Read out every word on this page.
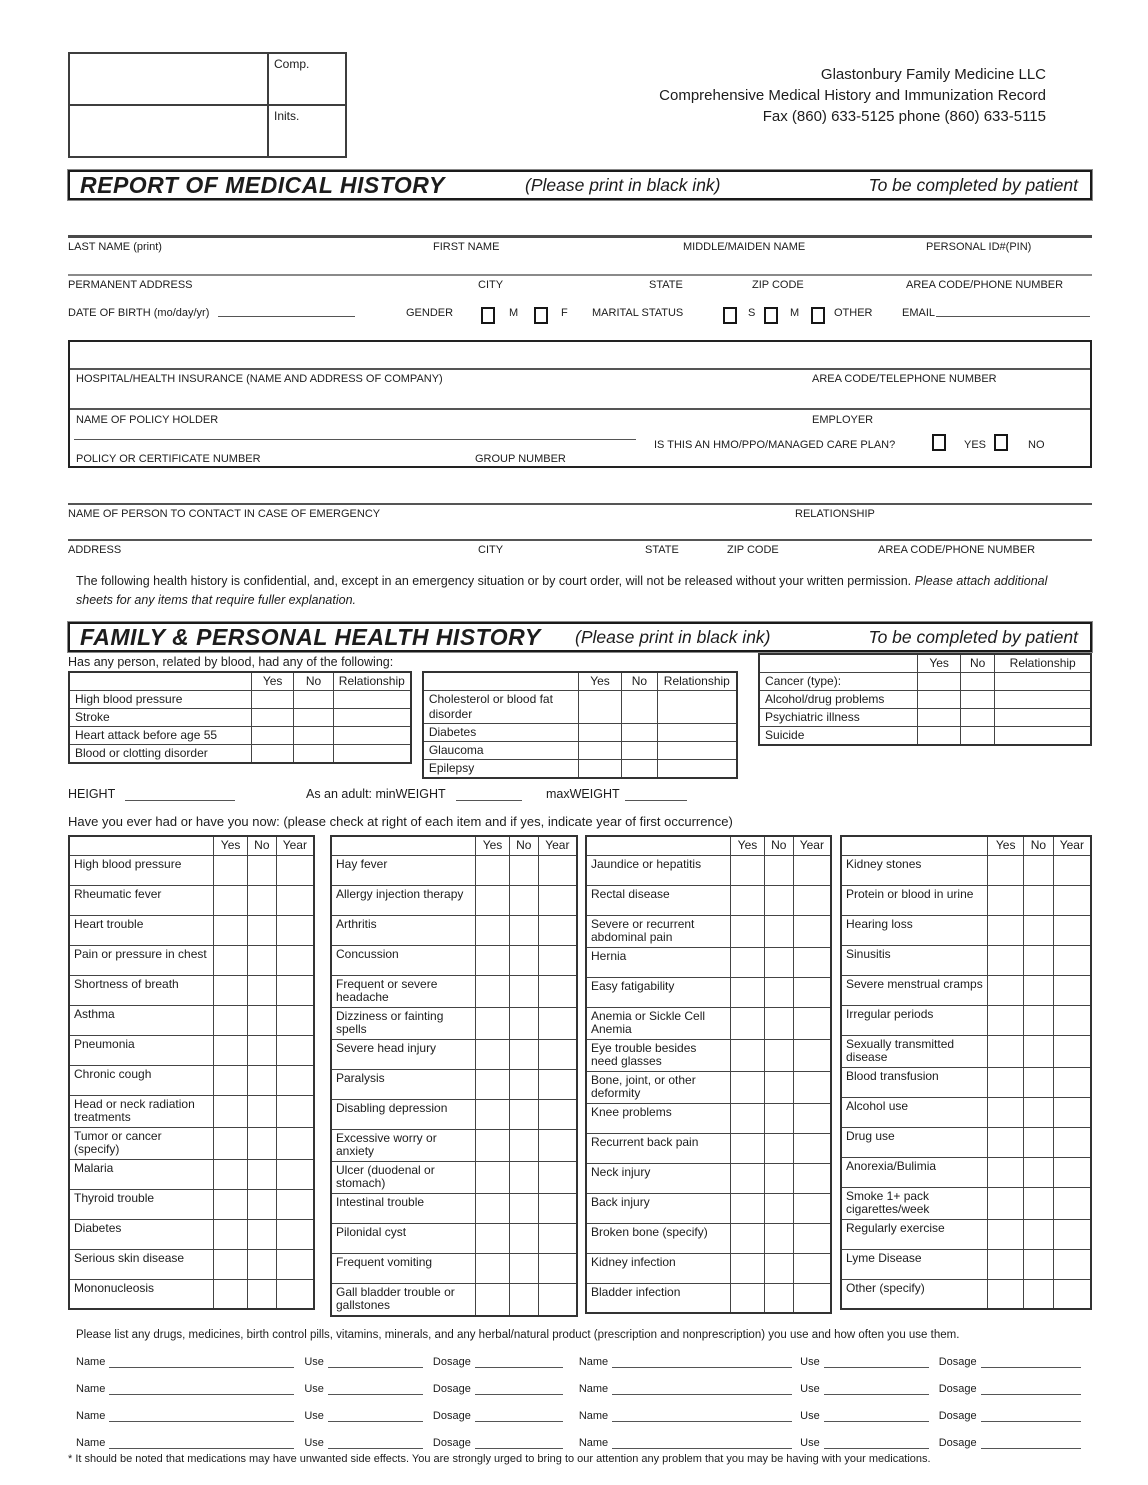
	Comp.
	Inits.
Glastonbury Family Medicine LLC
Comprehensive Medical History and Immunization Record
Fax (860) 633-5125 phone (860) 633-5115
REPORT OF MEDICAL HISTORY	(Please print in black ink)	To be completed by patient
LAST NAME (print)	FIRST NAME	MIDDLE/MAIDEN NAME	PERSONAL ID#(PIN)
PERMANENT ADDRESS	CITY	STATE	ZIP CODE	AREA CODE/PHONE NUMBER
DATE OF BIRTH (mo/day/yr)	GENDER	M	F MARITAL STATUS	S	M	OTHER	EMAIL
HOSPITAL/HEALTH INSURANCE (NAME AND ADDRESS OF COMPANY)	AREA CODE/TELEPHONE NUMBER
NAME OF POLICY HOLDER	EMPLOYER
IS THIS AN HMO/PPO/MANAGED CARE PLAN?	YES	NO
POLICY OR CERTIFICATE NUMBER	GROUP NUMBER
NAME OF PERSON TO CONTACT IN CASE OF EMERGENCY	RELATIONSHIP
ADDRESS	CITY	STATE	ZIP CODE	AREA CODE/PHONE NUMBER

The following health history is confidential, and, except in an emergency situation or by court order, will not be released without your written permission. Please attach additional sheets for any items that require fuller explanation.

FAMILY & PERSONAL HEALTH HISTORY (Please print in black ink)	To be completed by patient
Has any person, related by blood, had any of the following:
	Yes	No	Relationship
High blood pressure			
Stroke			
Heart attack before age 55			
Blood or clotting disorder			
	Yes	No	Relationship
Cholesterol or blood fat disorder			
Diabetes			
Glaucoma			
Epilepsy			
	Yes	No	Relationship
Cancer (type):			
Alcohol/drug problems			
Psychiatric illness			
Suicide			
HEIGHT	As an adult: minWEIGHT	maxWEIGHT
Have you ever had or have you now: (please check at right of each item and if yes, indicate year of first occurrence)
	Yes	No	Year
High blood pressure			
Rheumatic fever			
Heart trouble			
Pain or pressure in chest			
Shortness of breath			
Asthma			
Pneumonia			
Chronic cough			
Head or neck radiation treatments			
Tumor or cancer (specify)			
Malaria			
Thyroid trouble			
Diabetes			
Serious skin disease			
Mononucleosis			
	Yes	No	Year
Hay fever			
Allergy injection therapy			
Arthritis			
Concussion			
Frequent or severe headache			
Dizziness or fainting spells			
Severe head injury			
Paralysis			
Disabling depression			
Excessive worry or anxiety			
Ulcer (duodenal or stomach)			
Intestinal trouble			
Pilonidal cyst			
Frequent vomiting			
Gall bladder trouble or gallstones			
	Yes	No	Year
Jaundice or hepatitis			
Rectal disease			
Severe or recurrent abdominal pain			
Hernia			
Easy fatigability			
Anemia or Sickle Cell Anemia			
Eye trouble besides need glasses			
Bone, joint, or other deformity			
Knee problems			
Recurrent back pain			
Neck injury			
Back injury			
Broken bone (specify)			
Kidney infection			
Bladder infection			
	Yes	No	Year
Kidney stones			
Protein or blood in urine			
Hearing loss			
Sinusitis			
Severe menstrual cramps			
Irregular periods			
Sexually transmitted disease			
Blood transfusion			
Alcohol use			
Drug use			
Anorexia/Bulimia			
Smoke 1+ pack cigarettes/week			
Regularly exercise			
Lyme Disease			
Other (specify)			
Please list any drugs, medicines, birth control pills, vitamins, minerals, and any herbal/natural product (prescription and nonprescription) you use and how often you use them.
Name	Use	Dosage	Name	Use	Dosage
Name	Use	Dosage	Name	Use	Dosage
Name	Use	Dosage	Name	Use	Dosage
Name	Use	Dosage	Name	Use	Dosage
* It should be noted that medications may have unwanted side effects. You are strongly urged to bring to our attention any problem that you may be having with your medications.
